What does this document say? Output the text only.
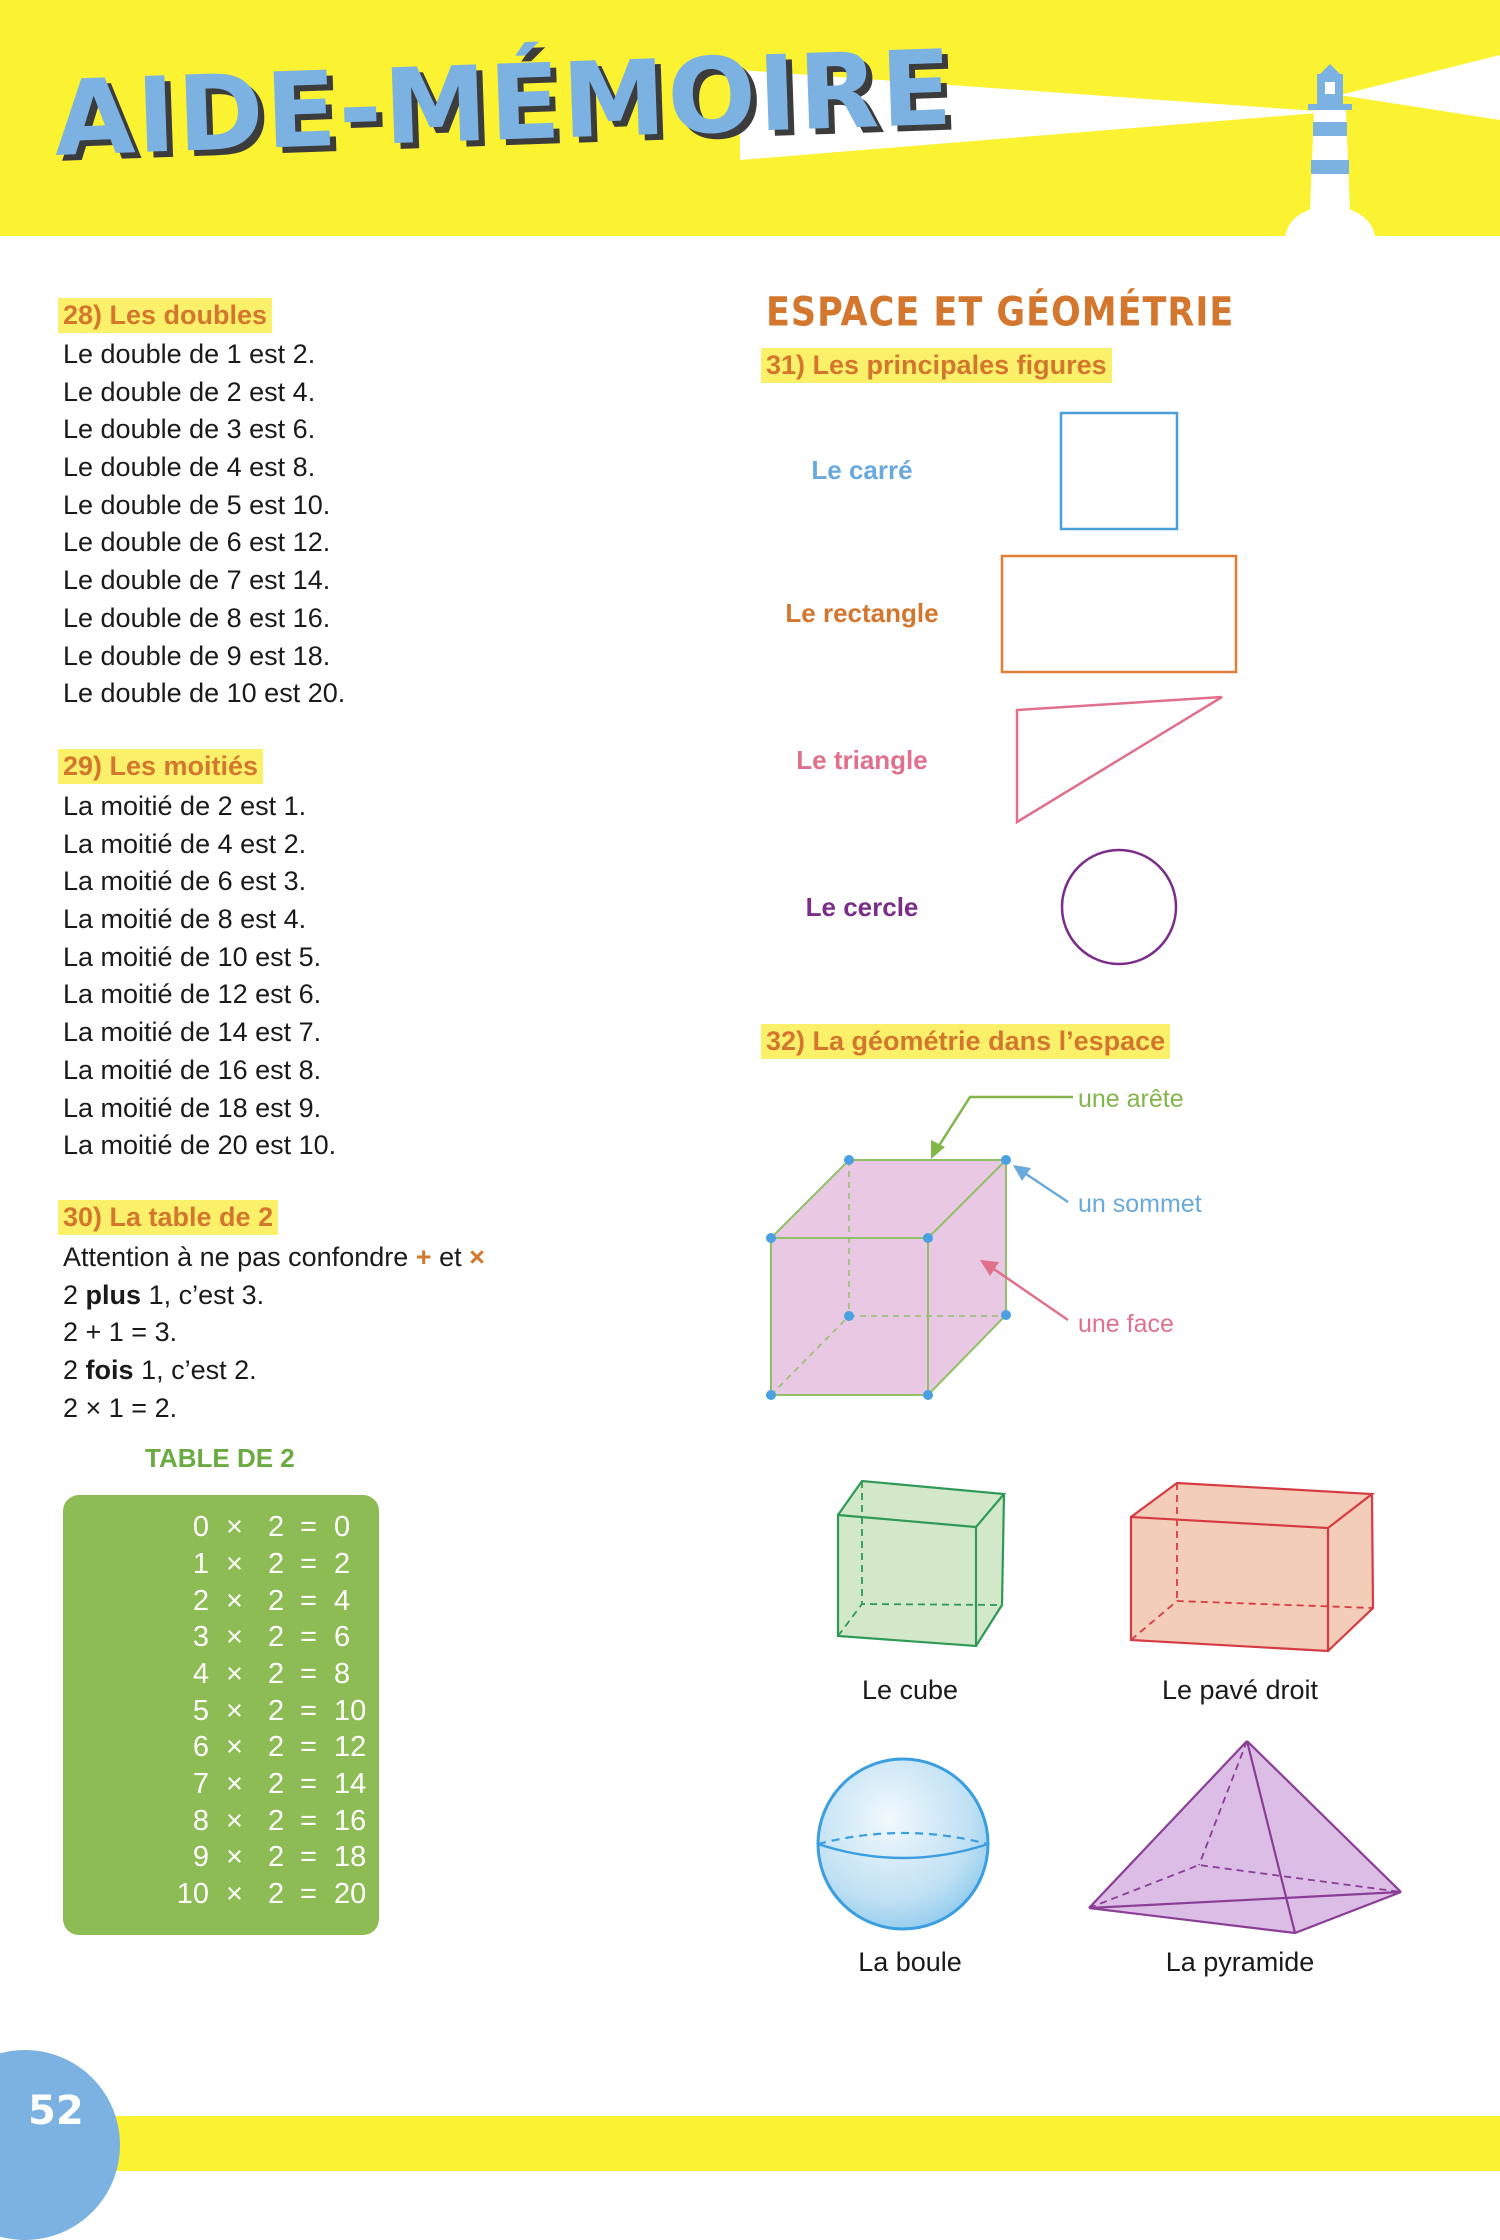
AIDE-MÉMOIRE
28) Les doubles
Le double de 1 est 2.
Le double de 2 est 4.
Le double de 3 est 6.
Le double de 4 est 8.
Le double de 5 est 10.
Le double de 6 est 12.
Le double de 7 est 14.
Le double de 8 est 16.
Le double de 9 est 18.
Le double de 10 est 20.
29) Les moitiés
La moitié de 2 est 1.
La moitié de 4 est 2.
La moitié de 6 est 3.
La moitié de 8 est 4.
La moitié de 10 est 5.
La moitié de 12 est 6.
La moitié de 14 est 7.
La moitié de 16 est 8.
La moitié de 18 est 9.
La moitié de 20 est 10.
30) La table de 2
Attention à ne pas confondre + et ×
2 plus 1, c’est 3.
2 + 1 = 3.
2 fois 1, c’est 2.
2 × 1 = 2.
TABLE DE 2
0 × 2 = 0
1 × 2 = 2
2 × 2 = 4
3 × 2 = 6
4 × 2 = 8
5 × 2 = 10
6 × 2 = 12
7 × 2 = 14
8 × 2 = 16
9 × 2 = 18
10 × 2 = 20
ESPACE ET GÉOMÉTRIE
31) Les principales figures
Le carré
Le rectangle
Le triangle
Le cercle
32) La géométrie dans l’espace
une arête
un sommet
une face
Le cube	Le pavé droit
La boule	La pyramide
52
